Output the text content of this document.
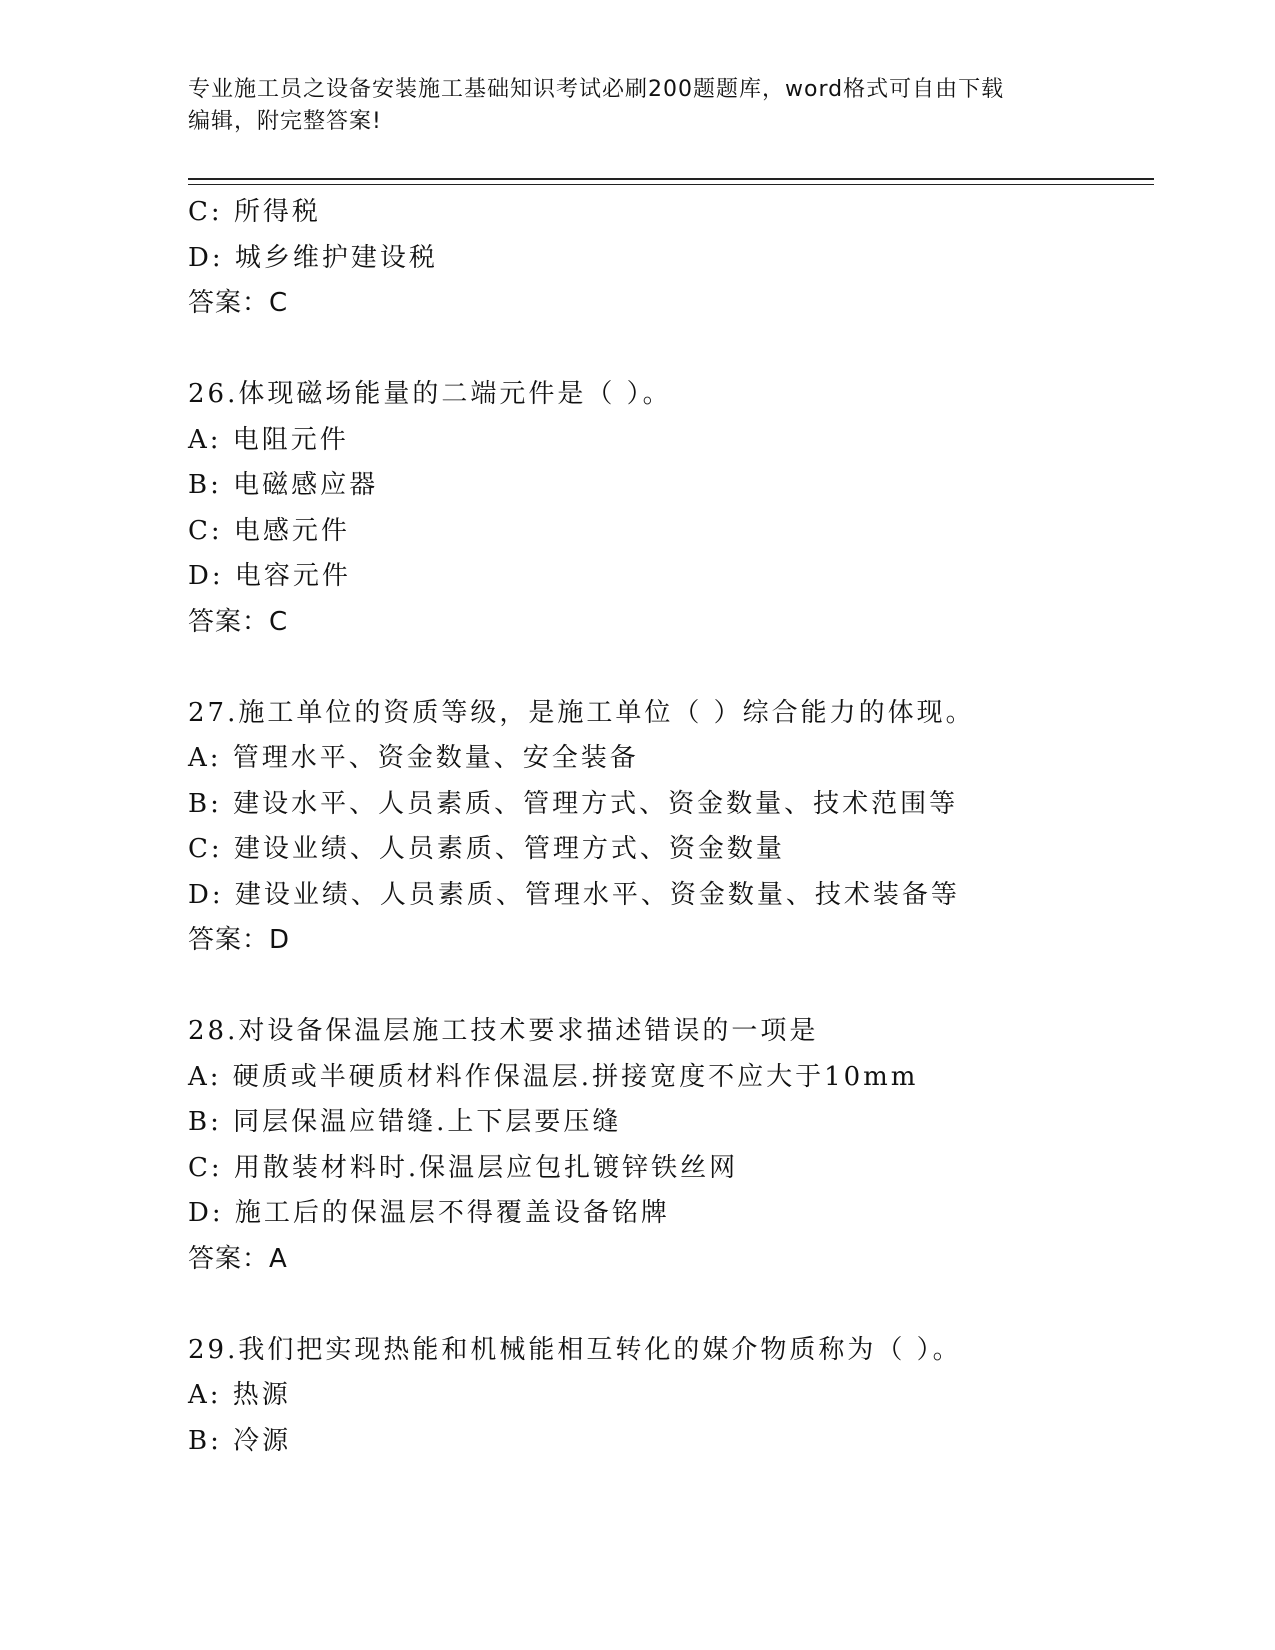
专业施工员之设备安装施工基础知识考试必刷200题题库，word格式可自由下载
编辑，附完整答案!
C: 所得税
D: 城乡维护建设税
答案：C
26.体现磁场能量的二端元件是（ ）。
A: 电阻元件
B: 电磁感应器
C: 电感元件
D: 电容元件
答案：C
27.施工单位的资质等级，是施工单位（ ）综合能力的体现。
A: 管理水平、资金数量、安全装备
B: 建设水平、人员素质、管理方式、资金数量、技术范围等
C: 建设业绩、人员素质、管理方式、资金数量
D: 建设业绩、人员素质、管理水平、资金数量、技术装备等
答案：D
28.对设备保温层施工技术要求描述错误的一项是
A: 硬质或半硬质材料作保温层.拼接宽度不应大于10mm
B: 同层保温应错缝.上下层要压缝
C: 用散装材料时.保温层应包扎镀锌铁丝网
D: 施工后的保温层不得覆盖设备铭牌
答案：A
29.我们把实现热能和机械能相互转化的媒介物质称为（ ）。
A: 热源
B: 冷源
